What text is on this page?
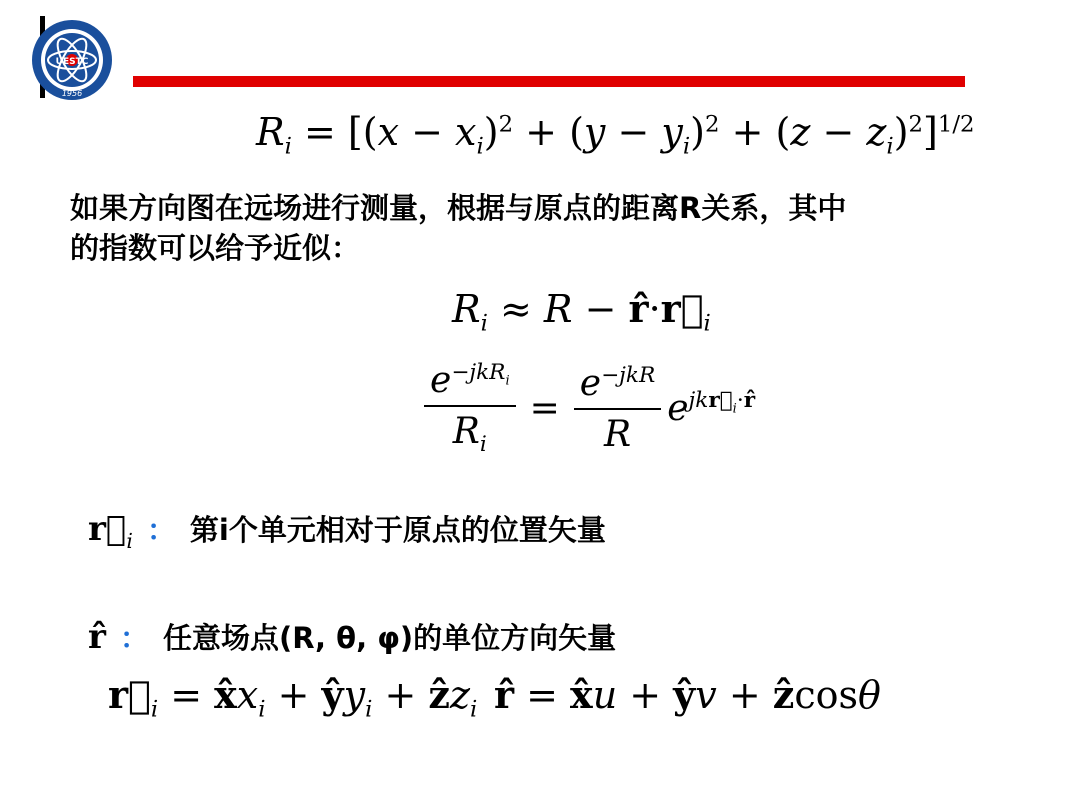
UESTC
1956
$R_i = [(x - x_i)^2 + (y - y_i)^2 + (z - z_i)^2]^{1/2}$
如果方向图在远场进行测量，根据与原点的距离R关系，其中
的指数可以给予近似：
$R_i \approx R$ − $r̂\cdot r⃗_i$
$\frac{e^{-jkR_i}}{R_i} = \frac{e^{-jkR}}{R} e^{jkr⃗_i\cdot r̂}$
$r⃗_i$ ： 第i个单元相对于原点的位置矢量
r̂ ： 任意场点(R, θ, φ)的单位方向矢量
$r⃗_i$ = $x̂x_i$ + $ŷy_i$ + ẑz$_i$ r̂ = x̂u + ŷv + ẑcosθ
